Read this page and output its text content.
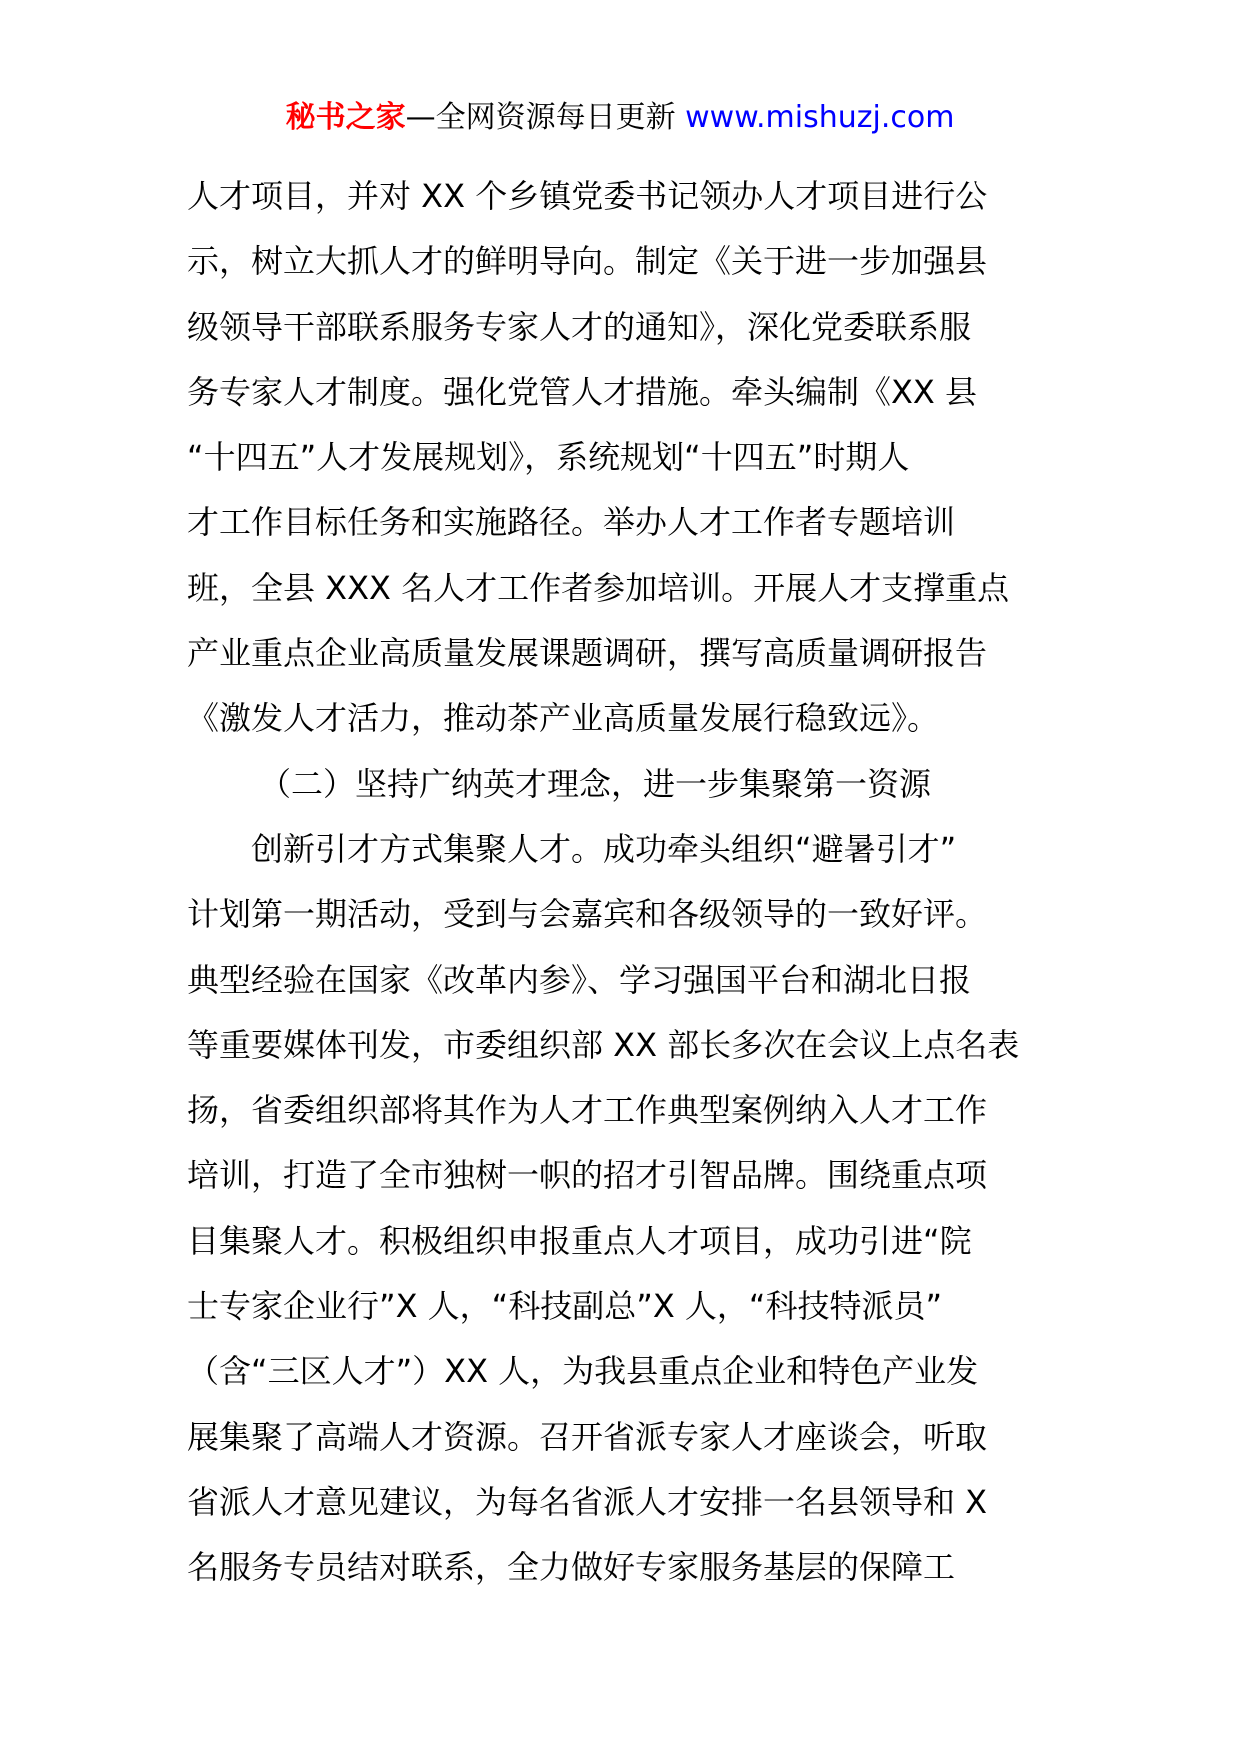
秘书之家—全网资源每日更新 www.mishuzj.com
人才项目，并对 XX 个乡镇党委书记领办人才项目进行公
示，树立大抓人才的鲜明导向。制定《关于进一步加强县
级领导干部联系服务专家人才的通知》，深化党委联系服
务专家人才制度。强化党管人才措施。牵头编制《XX 县
“十四五”人才发展规划》，系统规划“十四五”时期人
才工作目标任务和实施路径。举办人才工作者专题培训
班，全县 XXX 名人才工作者参加培训。开展人才支撑重点
产业重点企业高质量发展课题调研，撰写高质量调研报告
《激发人才活力，推动茶产业高质量发展行稳致远》。
（二）坚持广纳英才理念，进一步集聚第一资源
创新引才方式集聚人才。成功牵头组织“避暑引才”
计划第一期活动，受到与会嘉宾和各级领导的一致好评。
典型经验在国家《改革内参》、学习强国平台和湖北日报
等重要媒体刊发，市委组织部 XX 部长多次在会议上点名表
扬，省委组织部将其作为人才工作典型案例纳入人才工作
培训，打造了全市独树一帜的招才引智品牌。围绕重点项
目集聚人才。积极组织申报重点人才项目，成功引进“院
士专家企业行”X 人，“科技副总”X 人，“科技特派员”
（含“三区人才”）XX 人，为我县重点企业和特色产业发
展集聚了高端人才资源。召开省派专家人才座谈会，听取
省派人才意见建议，为每名省派人才安排一名县领导和 X
名服务专员结对联系，全力做好专家服务基层的保障工
